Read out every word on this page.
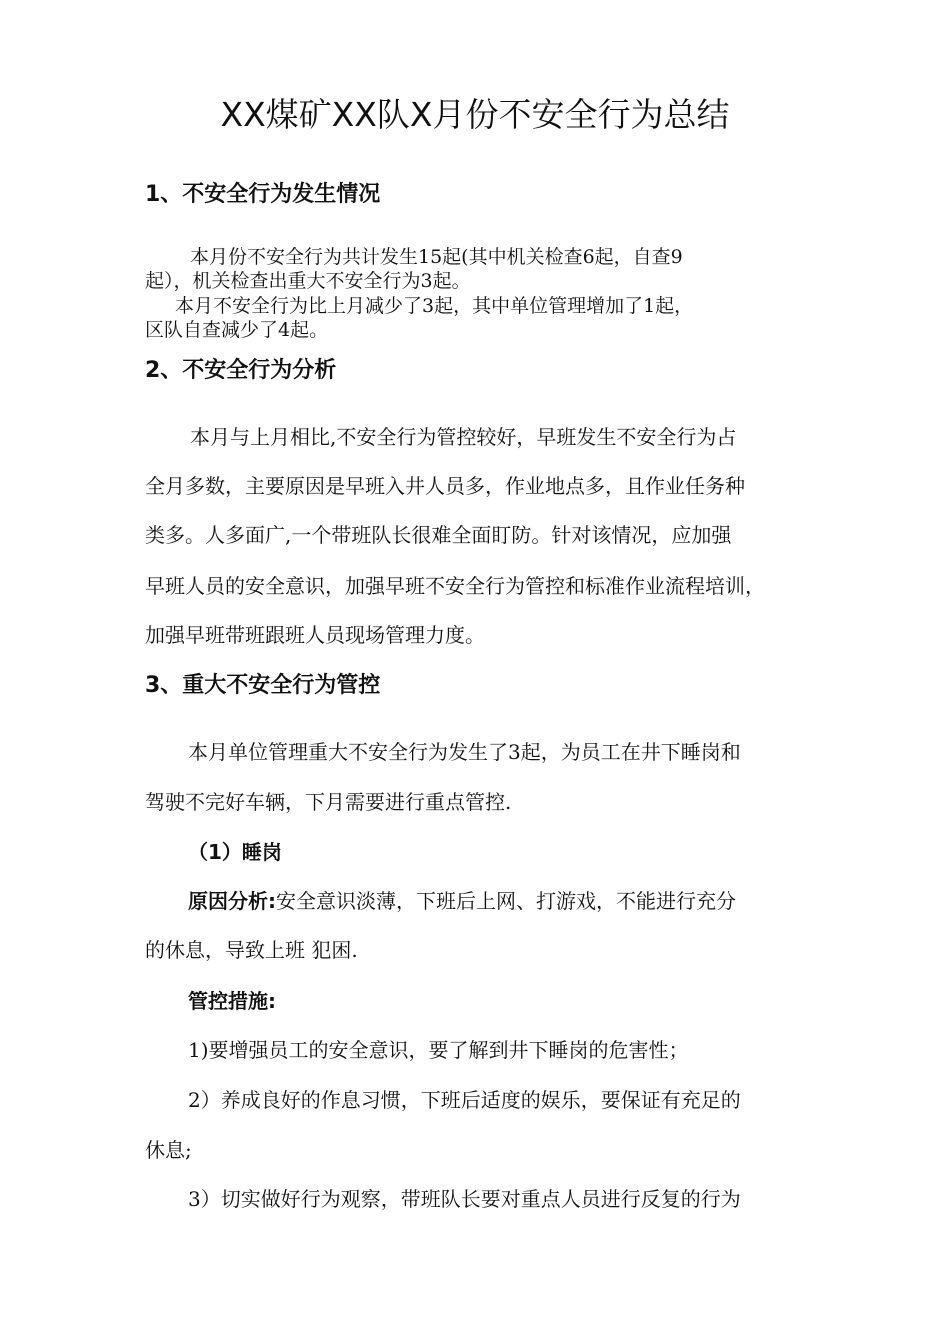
XX煤矿XX队X月份不安全行为总结
1、不安全行为发生情况
本月份不安全行为共计发生15起(其中机关检查6起，自查9
起），机关检查出重大不安全行为3起。
本月不安全行为比上月减少了3起，其中单位管理增加了1起，
区队自查减少了4起。
2、不安全行为分析
本月与上月相比,不安全行为管控较好，早班发生不安全行为占
全月多数，主要原因是早班入井人员多，作业地点多，且作业任务种
类多。人多面广,一个带班队长很难全面盯防。针对该情况，应加强
早班人员的安全意识，加强早班不安全行为管控和标准作业流程培训，
加强早班带班跟班人员现场管理力度。
3、重大不安全行为管控
本月单位管理重大不安全行为发生了3起，为员工在井下睡岗和
驾驶不完好车辆，下月需要进行重点管控.
（1）睡岗
原因分析:安全意识淡薄，下班后上网、打游戏，不能进行充分
的休息，导致上班 犯困.
管控措施:
1)要增强员工的安全意识，要了解到井下睡岗的危害性；
2）养成良好的作息习惯，下班后适度的娱乐，要保证有充足的
休息;
3）切实做好行为观察，带班队长要对重点人员进行反复的行为
